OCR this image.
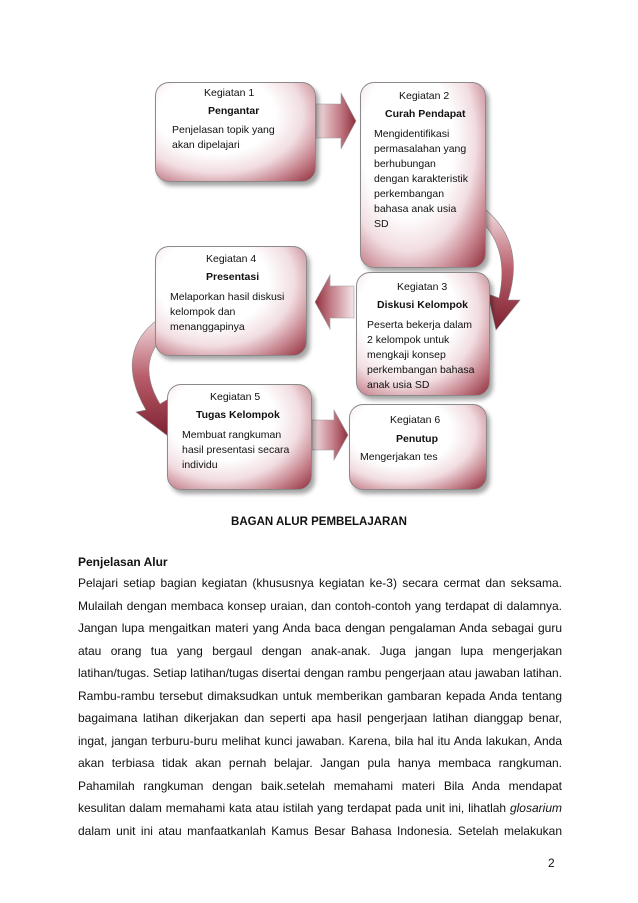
Kegiatan 1
Pengantar
Penjelasan topik yang
akan dipelajari
Kegiatan 2
Curah Pendapat
Mengidentifikasi
permasalahan yang
berhubungan
dengan karakteristik
perkembangan
bahasa anak usia
SD
Kegiatan 4
Presentasi
Melaporkan hasil diskusi
kelompok dan
menanggapinya
Kegiatan 3
Diskusi Kelompok
Peserta bekerja dalam
2 kelompok untuk
mengkaji konsep
perkembangan bahasa
anak usia SD
Kegiatan 5
Tugas Kelompok
Membuat rangkuman
hasil presentasi secara
individu
Kegiatan 6
Penutup
Mengerjakan tes
BAGAN ALUR PEMBELAJARAN
Penjelasan Alur
Pelajari setiap bagian kegiatan (khususnya kegiatan ke-3) secara cermat dan seksama.
Mulailah dengan membaca konsep uraian, dan contoh-contoh yang terdapat di dalamnya.
Jangan lupa mengaitkan materi yang Anda baca dengan pengalaman Anda sebagai guru
atau orang tua yang bergaul dengan anak-anak. Juga jangan lupa mengerjakan
latihan/tugas. Setiap latihan/tugas disertai dengan rambu pengerjaan atau jawaban latihan.
Rambu-rambu tersebut dimaksudkan untuk memberikan gambaran kepada Anda tentang
bagaimana latihan dikerjakan dan seperti apa hasil pengerjaan latihan dianggap benar,
ingat, jangan terburu-buru melihat kunci jawaban. Karena, bila hal itu Anda lakukan, Anda
akan terbiasa tidak akan pernah belajar. Jangan pula hanya membaca rangkuman.
Pahamilah rangkuman dengan baik.setelah memahami materi Bila Anda mendapat
kesulitan dalam memahami kata atau istilah yang terdapat pada unit ini, lihatlah glosarium
dalam unit ini atau manfaatkanlah Kamus Besar Bahasa Indonesia. Setelah melakukan
2
